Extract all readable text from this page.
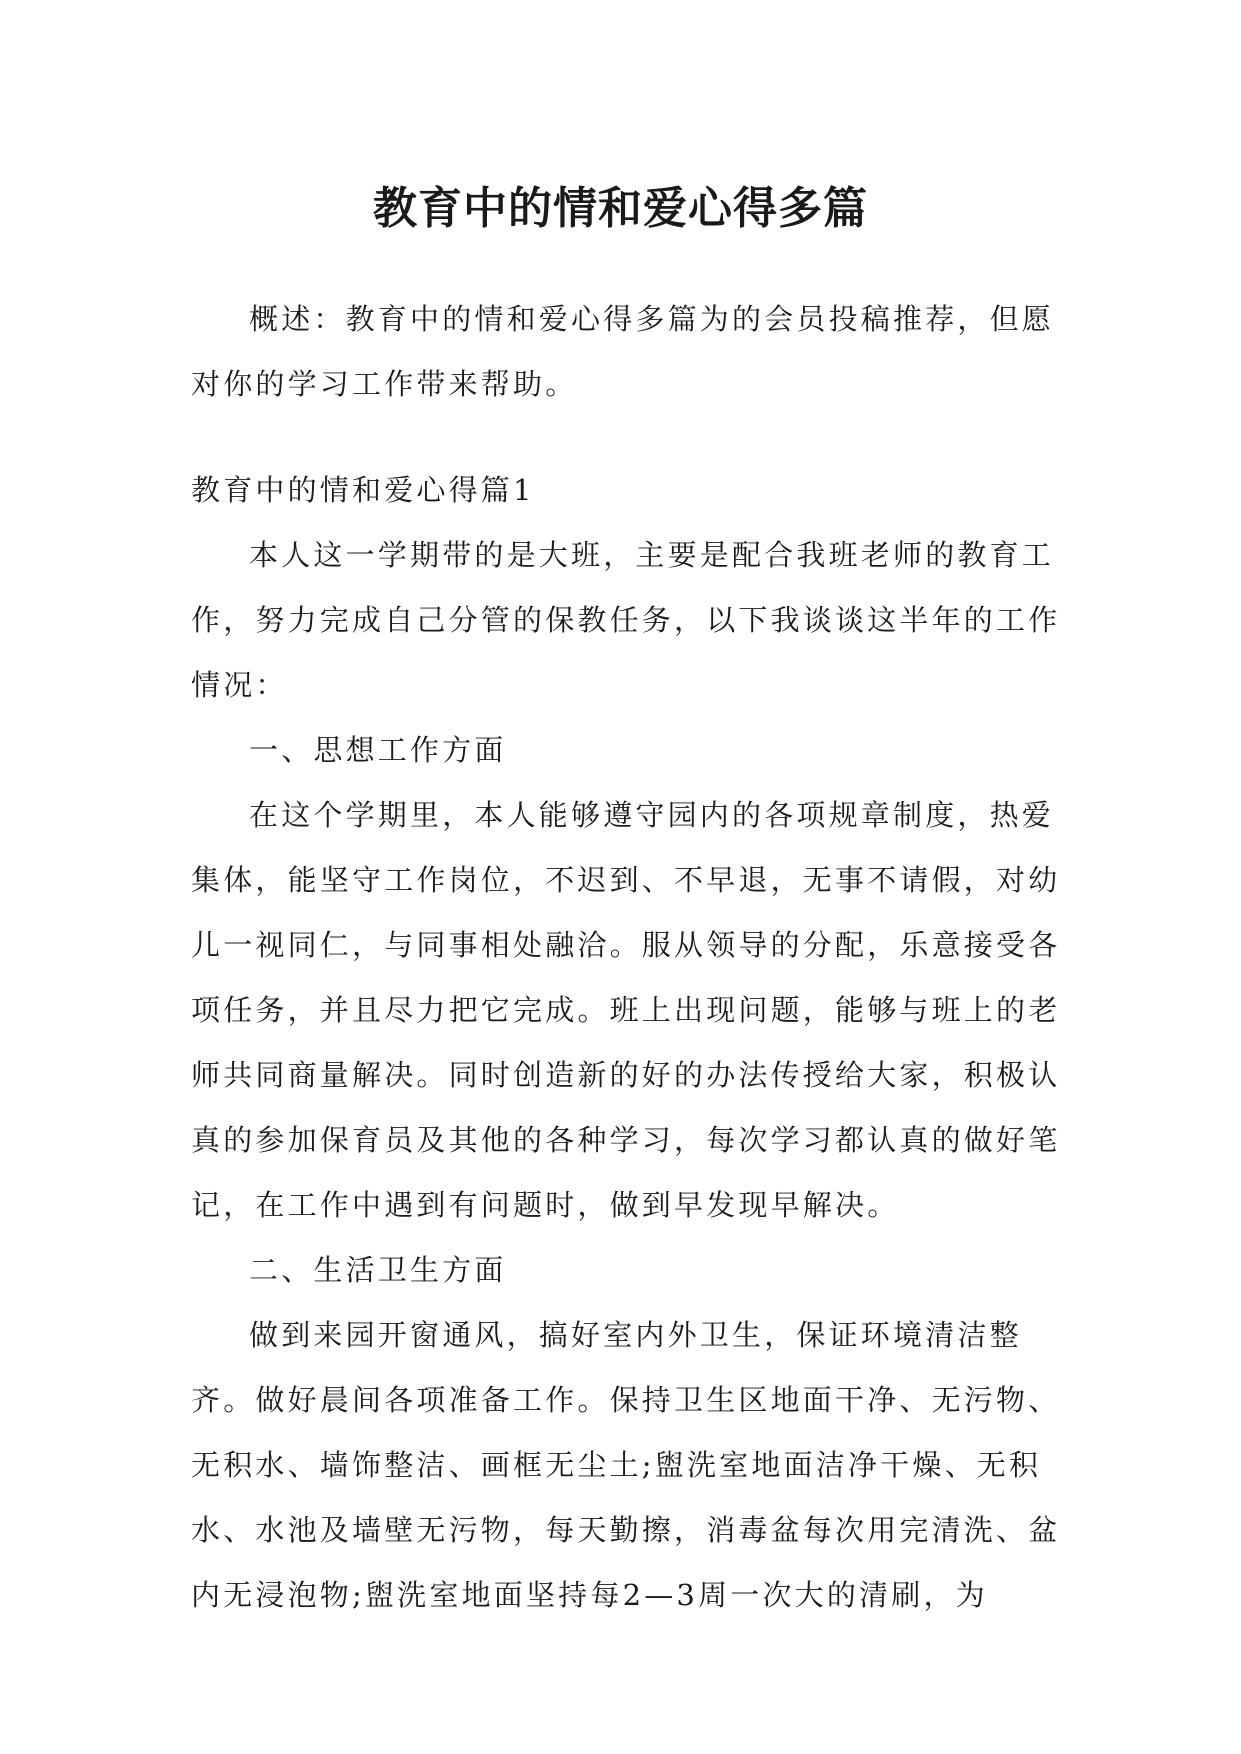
教育中的情和爱心得多篇

概述：教育中的情和爱心得多篇为的会员投稿推荐，但愿对你的学习工作带来帮助。

教育中的情和爱心得篇1

本人这一学期带的是大班，主要是配合我班老师的教育工作，努力完成自己分管的保教任务，以下我谈谈这半年的工作情况：

一、思想工作方面

在这个学期里，本人能够遵守园内的各项规章制度，热爱集体，能坚守工作岗位，不迟到、不早退，无事不请假，对幼儿一视同仁，与同事相处融洽。服从领导的分配，乐意接受各项任务，并且尽力把它完成。班上出现问题，能够与班上的老师共同商量解决。同时创造新的好的办法传授给大家，积极认真的参加保育员及其他的各种学习，每次学习都认真的做好笔记，在工作中遇到有问题时，做到早发现早解决。

二、生活卫生方面

做到来园开窗通风，搞好室内外卫生，保证环境清洁整齐。做好晨间各项准备工作。保持卫生区地面干净、无污物、无积水、墙饰整洁、画框无尘土;盥洗室地面洁净干燥、无积水、水池及墙壁无污物，每天勤擦，消毒盆每次用完清洗、盆内无浸泡物;盥洗室地面坚持每2—3周一次大的清刷，为
